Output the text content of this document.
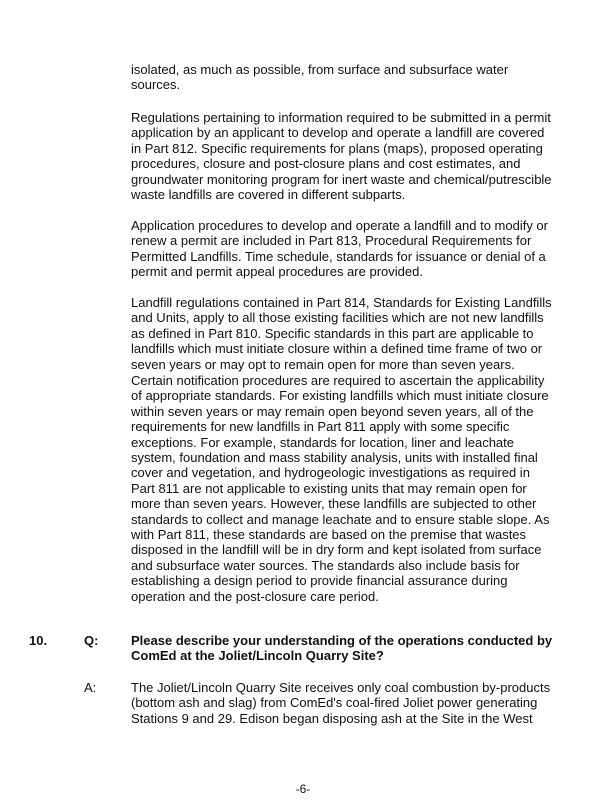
isolated, as much as possible, from surface and subsurface water
sources.
Regulations pertaining to information required to be submitted in a permit
application by an applicant to develop and operate a landfill are covered
in Part 812. Specific requirements for plans (maps), proposed operating
procedures, closure and post-closure plans and cost estimates, and
groundwater monitoring program for inert waste and chemical/putrescible
waste landfills are covered in different subparts.
Application procedures to develop and operate a landfill and to modify or
renew a permit are included in Part 813, Procedural Requirements for
Permitted Landfills. Time schedule, standards for issuance or denial of a
permit and permit appeal procedures are provided.
Landfill regulations contained in Part 814, Standards for Existing Landfills
and Units, apply to all those existing facilities which are not new landfills
as defined in Part 810. Specific standards in this part are applicable to
landfills which must initiate closure within a defined time frame of two or
seven years or may opt to remain open for more than seven years.
Certain notification procedures are required to ascertain the applicability
of appropriate standards. For existing landfills which must initiate closure
within seven years or may remain open beyond seven years, all of the
requirements for new landfills in Part 811 apply with some specific
exceptions. For example, standards for location, liner and leachate
system, foundation and mass stability analysis, units with installed final
cover and vegetation, and hydrogeologic investigations as required in
Part 811 are not applicable to existing units that may remain open for
more than seven years. However, these landfills are subjected to other
standards to collect and manage leachate and to ensure stable slope. As
with Part 811, these standards are based on the premise that wastes
disposed in the landfill will be in dry form and kept isolated from surface
and subsurface water sources. The standards also include basis for
establishing a design period to provide financial assurance during
operation and the post-closure care period.
10.	Q:	Please describe your understanding of the operations conducted by
ComEd at the Joliet/Lincoln Quarry Site?
A:	The Joliet/Lincoln Quarry Site receives only coal combustion by-products
(bottom ash and slag) from ComEd's coal-fired Joliet power generating
Stations 9 and 29. Edison began disposing ash at the Site in the West
-6-
